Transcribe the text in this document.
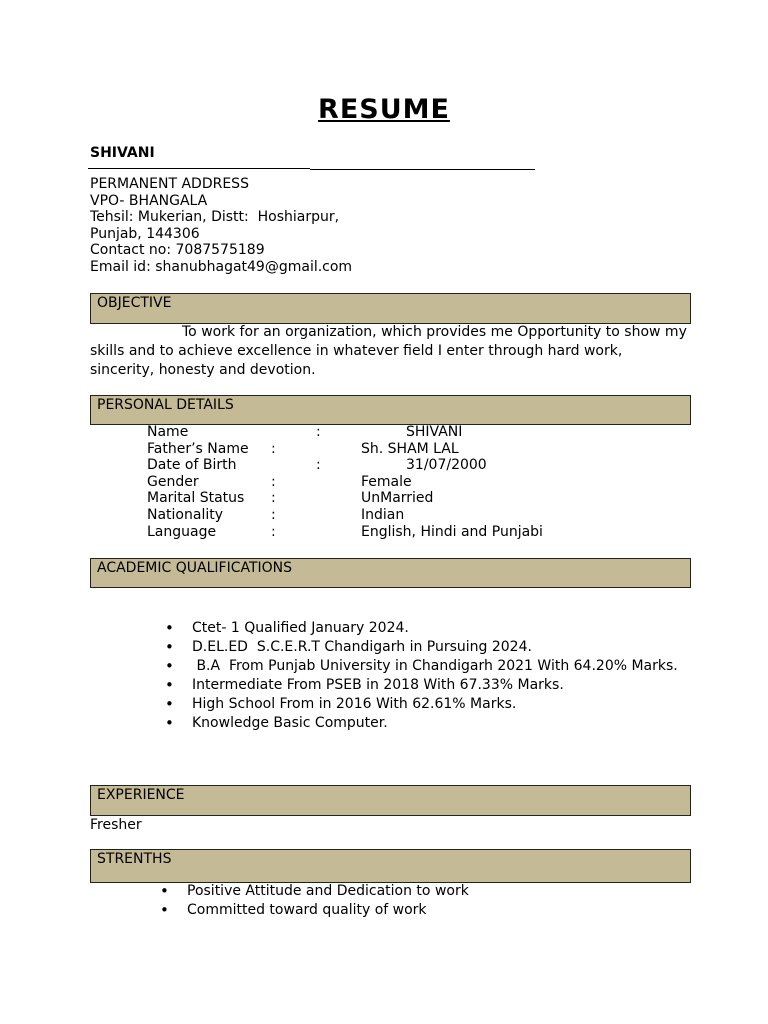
RESUME
SHIVANI
PERMANENT ADDRESS
VPO- BHANGALA
Tehsil: Mukerian, Distt:  Hoshiarpur,
Punjab, 144306
Contact no: 7087575189
Email id: shanubhagat49@gmail.com
OBJECTIVE
To work for an organization, which provides me Opportunity to show my skills and to achieve excellence in whatever field I enter through hard work, sincerity, honesty and devotion.
PERSONAL DETAILS
Name	:	SHIVANI
Father’s Name :	Sh. SHAM LAL
Date of Birth	:	31/07/2000
Gender	:	Female
Marital Status :	UnMarried
Nationality	:	Indian
Language	:	English, Hindi and Punjabi
ACADEMIC QUALIFICATIONS
• Ctet- 1 Qualified January 2024.
• D.EL.ED  S.C.E.R.T Chandigarh in Pursuing 2024.
•  B.A  From Punjab University in Chandigarh 2021 With 64.20% Marks.
• Intermediate From PSEB in 2018 With 67.33% Marks.
• High School From in 2016 With 62.61% Marks.
• Knowledge Basic Computer.
EXPERIENCE
Fresher
STRENTHS
• Positive Attitude and Dedication to work
• Committed toward quality of work
